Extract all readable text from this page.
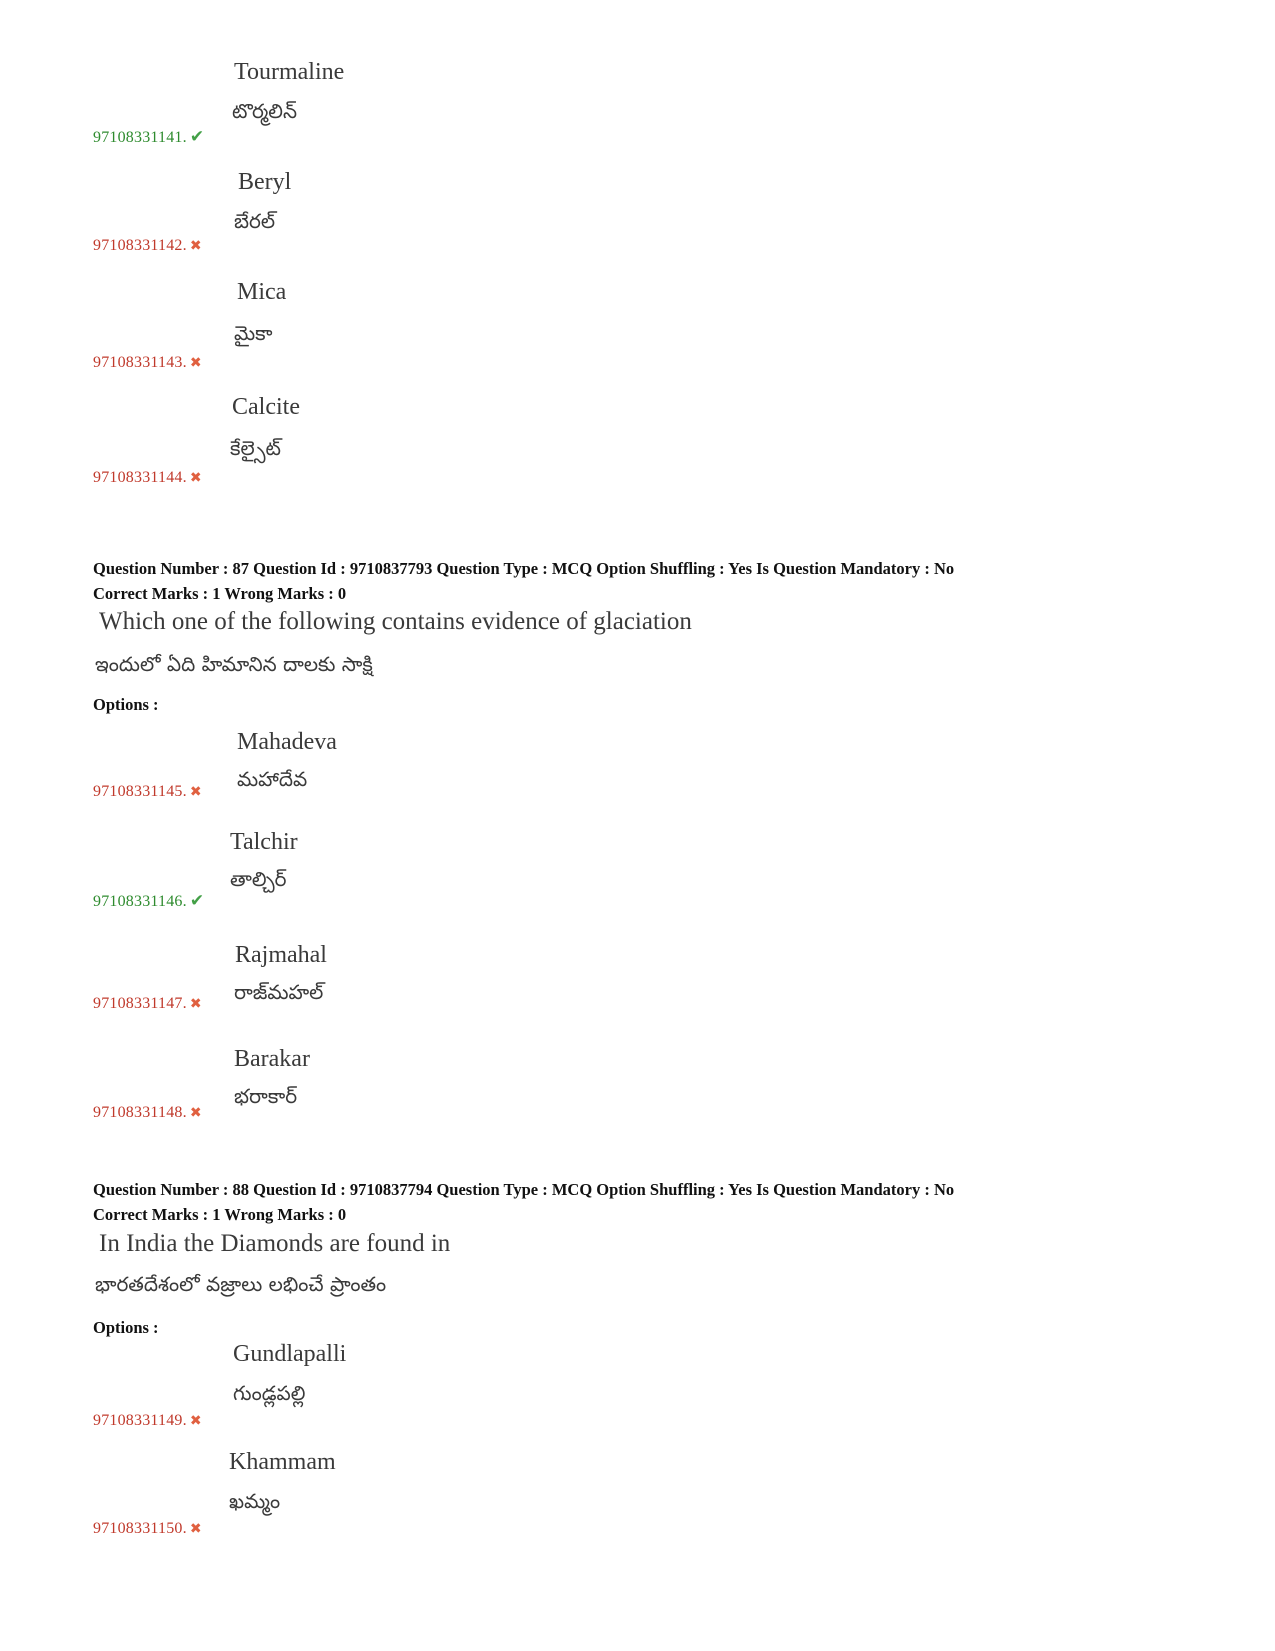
Tourmaline
టొర్మలిన్
97108331141. ✔
Beryl
బేరల్
97108331142. ✖
Mica
మైకా
97108331143. ✖
Calcite
కేల్సైట్
97108331144. ✖
Question Number : 87 Question Id : 9710837793 Question Type : MCQ Option Shuffling : Yes Is Question Mandatory : No
Correct Marks : 1 Wrong Marks : 0
Which one of the following contains evidence of glaciation
ఇందులో ఏది హిమానిన దాలకు సాక్షి
Options :
Mahadeva
మహాదేవ
97108331145. ✖
Talchir
తాల్చిర్
97108331146. ✔
Rajmahal
రాజ్‌మహల్
97108331147. ✖
Barakar
భరాకార్
97108331148. ✖
Question Number : 88 Question Id : 9710837794 Question Type : MCQ Option Shuffling : Yes Is Question Mandatory : No
Correct Marks : 1 Wrong Marks : 0
In India the Diamonds are found in
భారతదేశంలో వజ్రాలు లభించే ప్రాంతం
Options :
Gundlapalli
గుండ్లపల్లి
97108331149. ✖
Khammam
ఖమ్మం
97108331150. ✖
